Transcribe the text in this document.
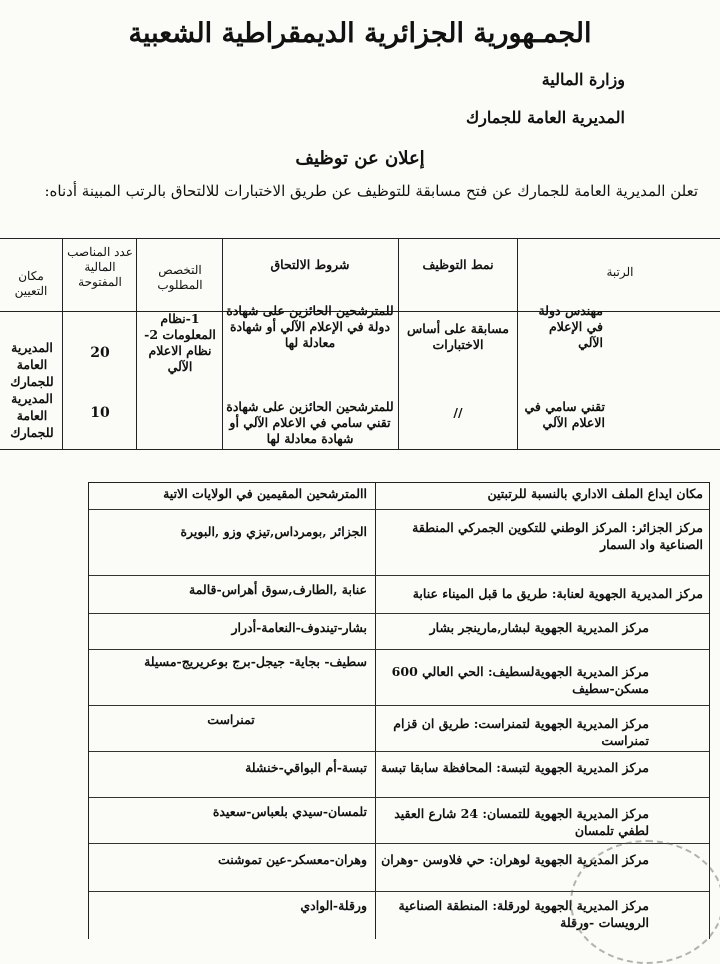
الجمـهورية الجزائرية الديمقراطية الشعبية
وزارة المالية
المديرية العامة للجمارك
إعلان عن توظيف
تعلن المديرية العامة للجمارك عن فتح مسابقة للتوظيف عن طريق الاختبارات للالتحاق بالرتب المبينة أدناه:
الرتبة
نمط التوظيف
شروط الالتحاق
التخصص المطلوب
عدد المناصب المالية المفتوحة
مكان التعيين
مهندس دولة في الإعلام الآلي
مسابقة على أساس الاختبارات
للمترشحين الحائزين على شهادة دولة في الإعلام الآلي أو شهادة معادلة لها
1-نظام المعلومات 2-نظام الاعلام الآلي
20
تقني سامي في الاعلام الآلي
//
للمترشحين الحائزين على شهادة تقني سامي في الاعلام الآلي أو شهادة معادلة لها
10
المديرية العامة للجمارك المديرية العامة للجمارك
مكان ايداع الملف الاداري بالنسبة للرتبتين
االمترشحين المقيمين في الولايات الاتية
مركز الجزائر: المركز الوطني للتكوين الجمركي المنطقة الصناعية واد السمار
الجزائر ,بومرداس,تيزي وزو ,البويرة
مركز المديرية الجهوية لعنابة: طريق ما قبل الميناء عنابة
عنابة ,الطارف,سوق أهراس-قالمة
مركز المديرية الجهوية لبشار,مارينجر بشار
بشار-تيندوف-النعامة-أدرار
مركز المديرية الجهويةلسطيف: الحي العالي 600 مسكن-سطيف
سطيف- بجاية- جيجل-برج بوعريريج-مسيلة
مركز المديرية الجهوية لتمنراست: طريق ان قزام تمنراست
تمنراست
مركز المديرية الجهوية لتبسة: المحافظة سابقا تبسة
تبسة-أم البواقي-خنشلة
مركز المديرية الجهوية للتمسان: 24 شارع العقيد لطفي تلمسان
تلمسان-سيدي بلعباس-سعيدة
مركز المديرية الجهوية لوهران: حي فلاوسن -وهران
وهران-معسكر-عين تموشنت
مركز المديرية الجهوية لورقلة: المنطقة الصناعية الرويسات -ورقلة
ورقلة-الوادي
